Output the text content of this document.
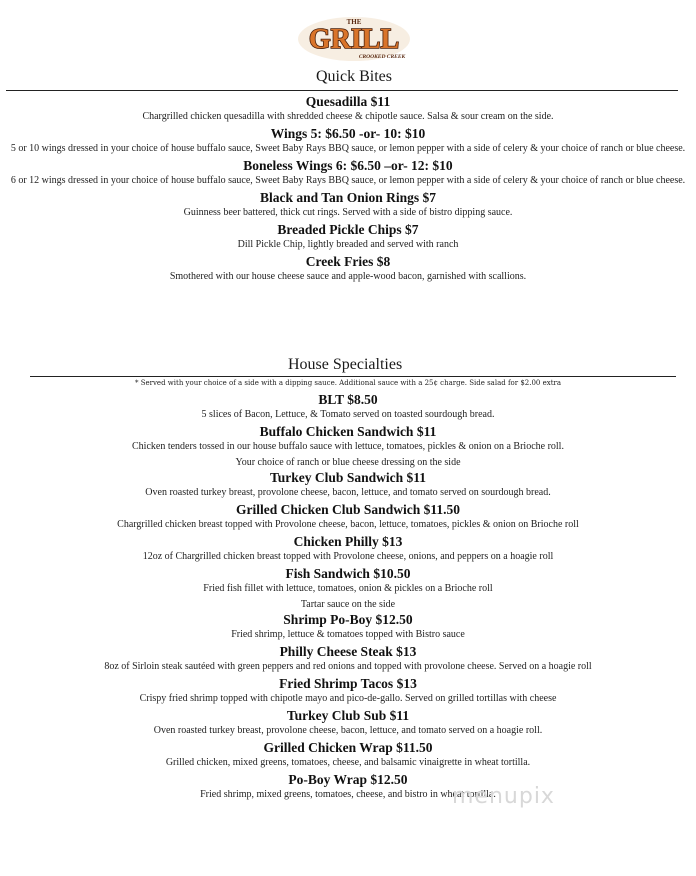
THE
GRILL
CROOKED CREEK
Quick Bites
Quesadilla $11
Chargrilled chicken quesadilla with shredded cheese & chipotle sauce. Salsa & sour cream on the side.
Wings 5: $6.50 -or- 10: $10
5 or 10 wings dressed in your choice of house buffalo sauce, Sweet Baby Rays BBQ sauce, or lemon pepper with a side of celery & your choice of ranch or blue cheese.
Boneless Wings 6: $6.50 –or- 12: $10
6 or 12 wings dressed in your choice of house buffalo sauce, Sweet Baby Rays BBQ sauce, or lemon pepper with a side of celery & your choice of ranch or blue cheese.
Black and Tan Onion Rings $7
Guinness beer battered, thick cut rings. Served with a side of bistro dipping sauce.
Breaded Pickle Chips $7
Dill Pickle Chip, lightly breaded and served with ranch
Creek Fries $8
Smothered with our house cheese sauce and apple-wood bacon, garnished with scallions.
House Specialties
* Served with your choice of a side with a dipping sauce. Additional sauce with a 25¢ charge. Side salad for $2.00 extra
BLT $8.50
5 slices of Bacon, Lettuce, & Tomato served on toasted sourdough bread.
Buffalo Chicken Sandwich $11
Chicken tenders tossed in our house buffalo sauce with lettuce, tomatoes, pickles & onion on a Brioche roll.
Your choice of ranch or blue cheese dressing on the side
Turkey Club Sandwich $11
Oven roasted turkey breast, provolone cheese, bacon, lettuce, and tomato served on sourdough bread.
Grilled Chicken Club Sandwich $11.50
Chargrilled chicken breast topped with Provolone cheese, bacon, lettuce, tomatoes, pickles & onion on Brioche roll
Chicken Philly $13
12oz of Chargrilled chicken breast topped with Provolone cheese, onions, and peppers on a hoagie roll
Fish Sandwich $10.50
Fried fish fillet with lettuce, tomatoes, onion & pickles on a Brioche roll
Tartar sauce on the side
Shrimp Po-Boy $12.50
Fried shrimp, lettuce & tomatoes topped with Bistro sauce
Philly Cheese Steak $13
8oz of Sirloin steak sautéed with green peppers and red onions and topped with provolone cheese. Served on a hoagie roll
Fried Shrimp Tacos $13
Crispy fried shrimp topped with chipotle mayo and pico-de-gallo. Served on grilled tortillas with cheese
Turkey Club Sub $11
Oven roasted turkey breast, provolone cheese, bacon, lettuce, and tomato served on a hoagie roll.
Grilled Chicken Wrap $11.50
Grilled chicken, mixed greens, tomatoes, cheese, and balsamic vinaigrette in wheat tortilla.
Po-Boy Wrap $12.50
Fried shrimp, mixed greens, tomatoes, cheese, and bistro in wheat tortilla.
menupix
